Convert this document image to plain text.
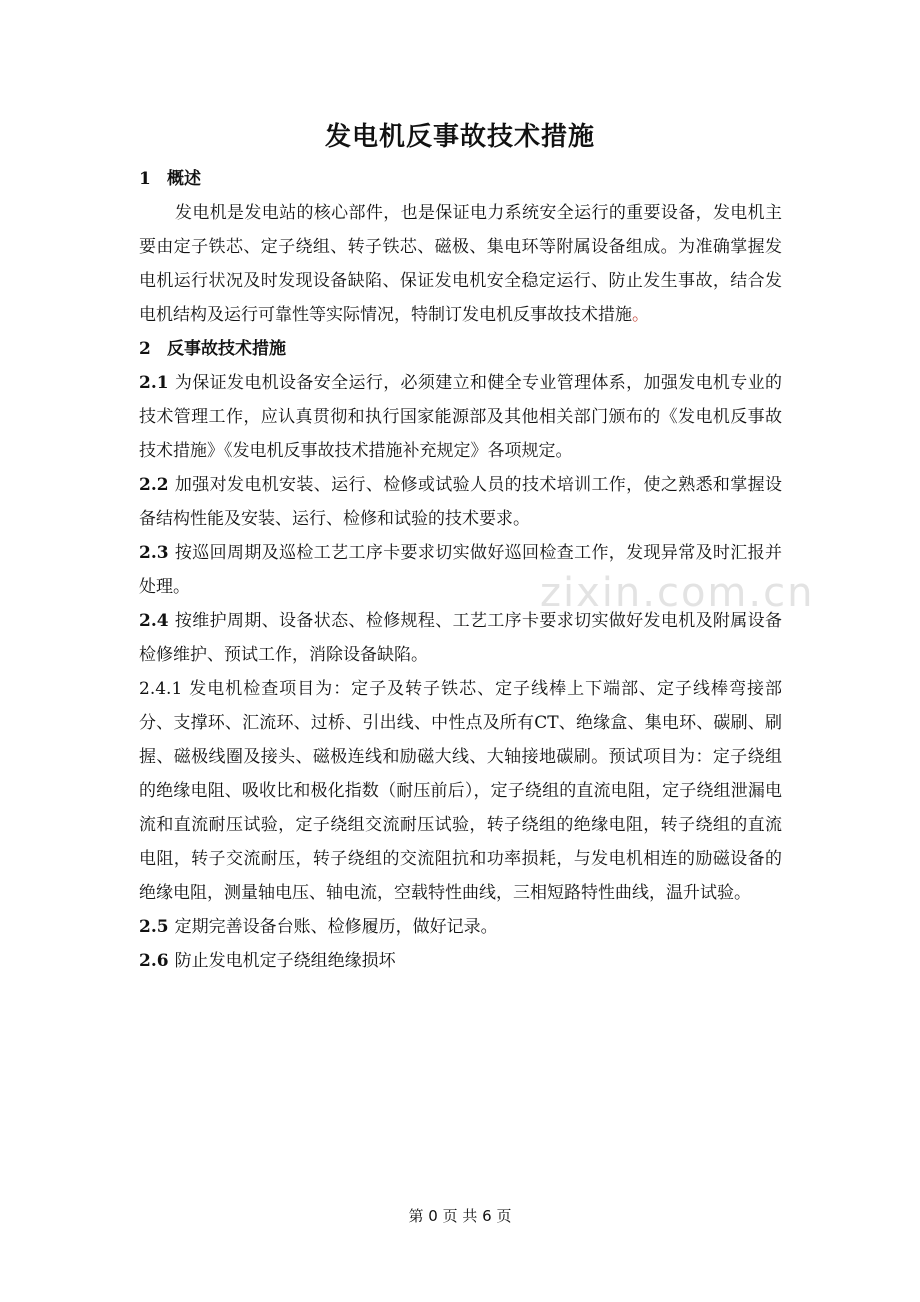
发电机反事故技术措施
zixin.com.cn

1 概述

发电机是发电站的核心部件，也是保证电力系统安全运行的重要设备，发电机主要由定子铁芯、定子绕组、转子铁芯、磁极、集电环等附属设备组成。为准确掌握发电机运行状况及时发现设备缺陷、保证发电机安全稳定运行、防止发生事故，结合发电机结构及运行可靠性等实际情况，特制订发电机反事故技术措施。

2 反事故技术措施

2.1 为保证发电机设备安全运行，必须建立和健全专业管理体系，加强发电机专业的技术管理工作，应认真贯彻和执行国家能源部及其他相关部门颁布的《发电机反事故技术措施》《发电机反事故技术措施补充规定》各项规定。

2.2 加强对发电机安装、运行、检修或试验人员的技术培训工作，使之熟悉和掌握设备结构性能及安装、运行、检修和试验的技术要求。

2.3 按巡回周期及巡检工艺工序卡要求切实做好巡回检查工作，发现异常及时汇报并处理。

2.4 按维护周期、设备状态、检修规程、工艺工序卡要求切实做好发电机及附属设备检修维护、预试工作，消除设备缺陷。

2.4.1 发电机检查项目为：定子及转子铁芯、定子线棒上下端部、定子线棒弯接部分、支撑环、汇流环、过桥、引出线、中性点及所有CT、绝缘盒、集电环、碳刷、刷握、磁极线圈及接头、磁极连线和励磁大线、大轴接地碳刷。预试项目为：定子绕组的绝缘电阻、吸收比和极化指数（耐压前后），定子绕组的直流电阻，定子绕组泄漏电流和直流耐压试验，定子绕组交流耐压试验，转子绕组的绝缘电阻，转子绕组的直流电阻，转子交流耐压，转子绕组的交流阻抗和功率损耗，与发电机相连的励磁设备的绝缘电阻，测量轴电压、轴电流，空载特性曲线，三相短路特性曲线，温升试验。

2.5 定期完善设备台账、检修履历，做好记录。

2.6 防止发电机定子绕组绝缘损坏

第 0 页 共 6 页
